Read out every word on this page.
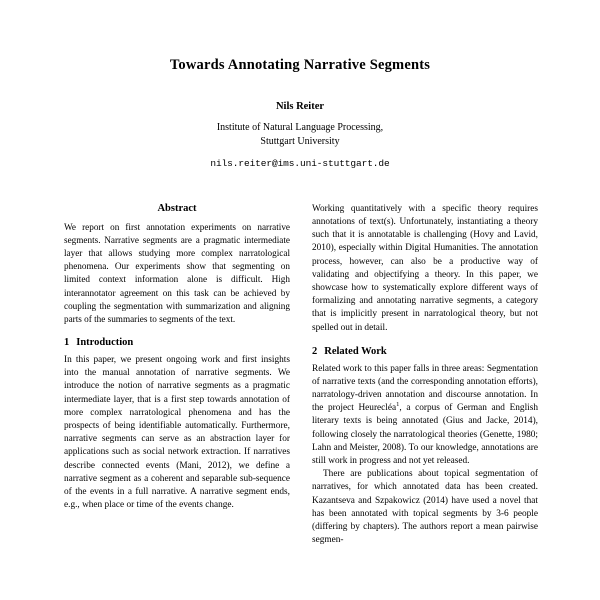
Towards Annotating Narrative Segments
Nils Reiter
Institute of Natural Language Processing,
Stuttgart University
nils.reiter@ims.uni-stuttgart.de
Abstract

We report on first annotation experiments on narrative segments. Narrative segments are a pragmatic intermediate layer that allows studying more complex narratological phenomena. Our experiments show that segmenting on limited context information alone is difficult. High interannotator agreement on this task can be achieved by coupling the segmentation with summarization and aligning parts of the summaries to segments of the text.

1 Introduction

In this paper, we present ongoing work and first insights into the manual annotation of narrative segments. We introduce the notion of narrative segments as a pragmatic intermediate layer, that is a first step towards annotation of more complex narratological phenomena and has the prospects of being identifiable automatically. Furthermore, narrative segments can serve as an abstraction layer for applications such as social network extraction. If narratives describe connected events (Mani, 2012), we define a narrative segment as a coherent and separable sub-sequence of the events in a full narrative. A narrative segment ends, e.g., when place or time of the events change.

Working quantitatively with a specific theory requires annotations of text(s). Unfortunately, instantiating a theory such that it is annotatable is challenging (Hovy and Lavid, 2010), especially within Digital Humanities. The annotation process, however, can also be a productive way of validating and objectifying a theory. In this paper, we showcase how to systematically explore different ways of formalizing and annotating narrative segments, a category that is implicitly present in narratological theory, but not spelled out in detail.

2 Related Work

Related work to this paper falls in three areas: Segmentation of narrative texts (and the corresponding annotation efforts), narratology-driven annotation and discourse annotation. In the project Heurecléa$^1$, a corpus of German and English literary texts is being annotated (Gius and Jacke, 2014), following closely the narratological theories (Genette, 1980; Lahn and Meister, 2008). To our knowledge, annotations are still work in progress and not yet released.

There are publications about topical segmentation of narratives, for which annotated data has been created. Kazantseva and Szpakowicz (2014) have used a novel that has been annotated with topical segments by 3-6 people (differing by chapters). The authors report a mean pairwise segmen-
